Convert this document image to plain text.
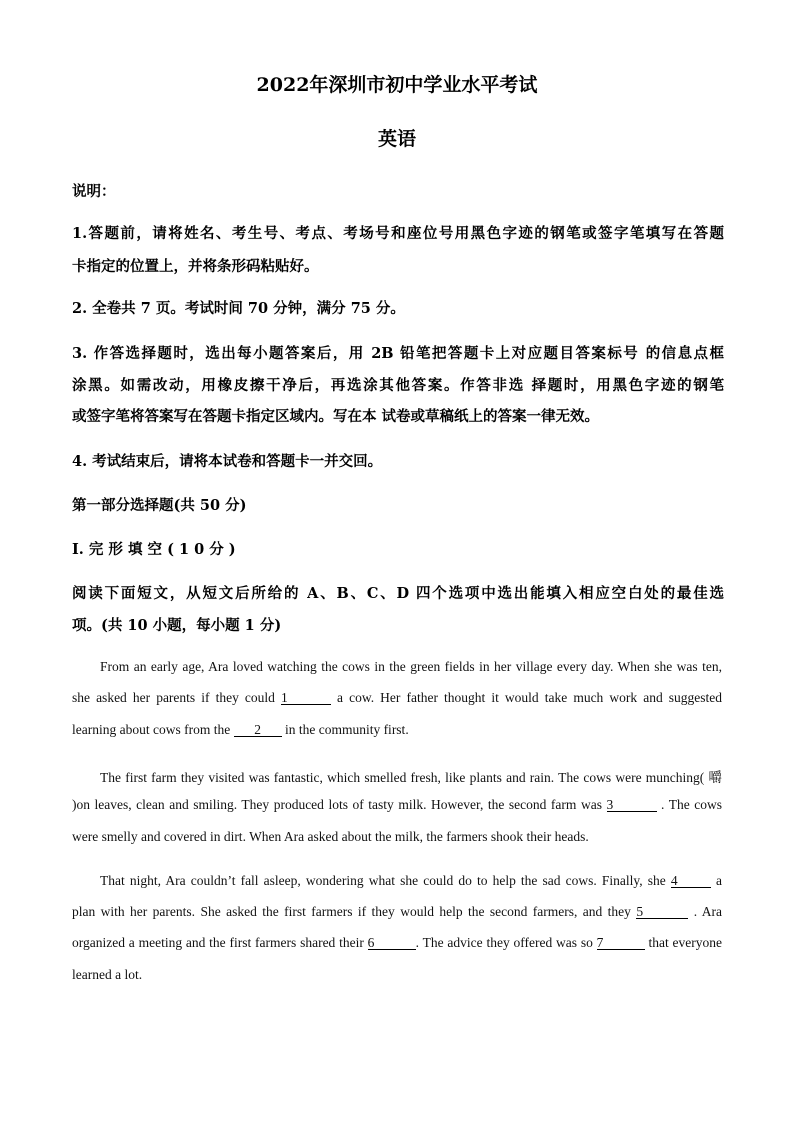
2022年深圳市初中学业水平考试
英语
说明：
1.答题前，请将姓名、考生号、考点、考场号和座位号用黑色字迹的钢笔或签字笔填写在答题
卡指定的位置上，并将条形码粘贴好。
2. 全卷共 7 页。考试时间 70 分钟，满分 75 分。
3. 作答选择题时，选出每小题答案后，用 2B 铅笔把答题卡上对应题目答案标号 的信息点框
涂黑。如需改动，用橡皮擦干净后，再选涂其他答案。作答非选 择题时，用黑色字迹的钢笔
或签字笔将答案写在答题卡指定区域内。写在本 试卷或草稿纸上的答案一律无效。
4. 考试结束后，请将本试卷和答题卡一并交回。
第一部分选择题(共 50 分)
I. 完 形 填 空 ( 1 0 分 )
阅读下面短文，从短文后所给的 A、B、C、D 四个选项中选出能填入相应空白处的最佳选
项。(共 10 小题，每小题 1 分)
From an early age, Ara loved watching the cows in the green fields in her village every day. When she was ten,
she asked her parents if they could 1	a cow. Her father thought it would take much work and suggested
learning about cows from the 2 in the community first.
The first farm they visited was fantastic, which smelled fresh, like plants and rain. The cows were munching( 嚼
)on leaves, clean and smiling. They produced lots of tasty milk. However, the second farm was 3	. The cows
were smelly and covered in dirt. When Ara asked about the milk, the farmers shook their heads.
That night, Ara couldn’t fall asleep, wondering what she could do to help the sad cows. Finally, she 4 a
plan with her parents. She asked the first farmers if they would help the second farmers, and they 5	. Ara
organized a meeting and the first farmers shared their 6	. The advice they offered was so 7	that everyone
learned a lot.
